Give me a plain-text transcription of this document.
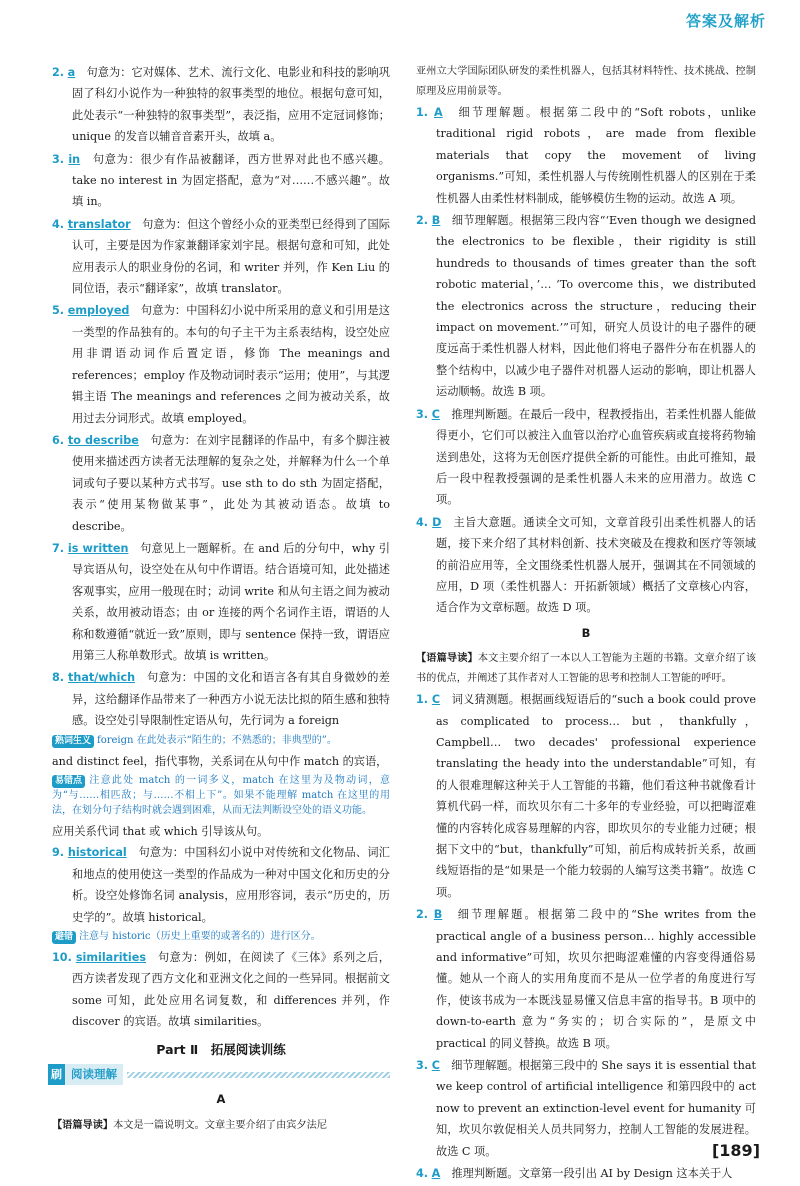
答案及解析
2. a　 句意为：它对媒体、艺术、流行文化、电影业和科技的影响巩固了科幻小说作为一种独特的叙事类型的地位。根据句意可知，此处表示“一种独特的叙事类型”，表泛指，应用不定冠词修饰；unique 的发音以辅音音素开头，故填 a。
3. in　 句意为：很少有作品被翻译，西方世界对此也不感兴趣。take no interest in 为固定搭配，意为“对……不感兴趣”。故填 in。
4. translator　 句意为：但这个曾经小众的亚类型已经得到了国际认可，主要是因为作家兼翻译家刘宇昆。根据句意和可知，此处应用表示人的职业身份的名词，和 writer 并列，作 Ken Liu 的同位语，表示“翻译家”，故填 translator。
5. employed　 句意为：中国科幻小说中所采用的意义和引用是这一类型的作品独有的。本句的句子主干为主系表结构，设空处应用非谓语动词作后置定语，修饰 The meanings and references；employ 作及物动词时表示“运用；使用”，与其逻辑主语 The meanings and references 之间为被动关系，故用过去分词形式。故填 employed。
6. to describe　 句意为：在刘宇昆翻译的作品中，有多个脚注被使用来描述西方读者无法理解的复杂之处，并解释为什么一个单词或句子要以某种方式书写。use sth to do sth 为固定搭配，表示“使用某物做某事”，此处为其被动语态。故填 to describe。
7. is written　 句意见上一题解析。在 and 后的分句中，why 引导宾语从句，设空处在从句中作谓语。结合语境可知，此处描述客观事实，应用一般现在时；动词 write 和从句主语之间为被动关系，故用被动语态；由 or 连接的两个名词作主语，谓语的人称和数遵循“就近一致”原则，即与 sentence 保持一致，谓语应用第三人称单数形式。故填 is written。
8. that/which　 句意为：中国的文化和语言各有其自身微妙的差异，这给翻译作品带来了一种西方小说无法比拟的陌生感和独特感。设空处引导限制性定语从句，先行词为 a foreign
熟词生义 foreign 在此处表示“陌生的；不熟悉的；非典型的”。
and distinct feel，指代事物，关系词在从句中作 match 的宾语，
易错点 注意此处 match 的一词多义，match 在这里为及物动词，意为“与……相匹敌；与……不相上下”。如果不能理解 match 在这里的用法，在划分句子结构时就会遇到困难，从而无法判断设空处的语义功能。
应用关系代词 that 或 which 引导该从句。
9. historical　 句意为：中国科幻小说中对传统和文化物品、词汇和地点的使用使这一类型的作品成为一种对中国文化和历史的分析。设空处修饰名词 analysis，应用形容词，表示“历史的，历史学的”。故填 historical。
避错 注意与 historic（历史上重要的或著名的）进行区分。
10. similarities　 句意为：例如，在阅读了《三体》系列之后，西方读者发现了西方文化和亚洲文化之间的一些异同。根据前文 some 可知，此处应用名词复数，和 differences 并列，作 discover 的宾语。故填 similarities。
Part Ⅱ　拓展阅读训练
刷 阅读理解
A
【语篇导读】本文是一篇说明文。文章主要介绍了由宾夕法尼
亚州立大学国际团队研发的柔性机器人，包括其材料特性、技术挑战、控制原理及应用前景等。
1. A　 细节理解题。根据第二段中的“Soft robots，unlike traditional rigid robots，are made from flexible materials that copy the movement of living organisms.”可知，柔性机器人与传统刚性机器人的区别在于柔性机器人由柔性材料制成，能够模仿生物的运动。故选 A 项。
2. B　 细节理解题。根据第三段内容“‘Even though we designed the electronics to be flexible，their rigidity is still hundreds to thousands of times greater than the soft robotic material，’… ‘To overcome this，we distributed the electronics across the structure，reducing their impact on movement.’”可知，研究人员设计的电子器件的硬度远高于柔性机器人材料，因此他们将电子器件分布在机器人的整个结构中，以减少电子器件对机器人运动的影响，即让机器人运动顺畅。故选 B 项。
3. C　 推理判断题。在最后一段中，程教授指出，若柔性机器人能做得更小，它们可以被注入血管以治疗心血管疾病或直接将药物输送到患处，这将为无创医疗提供全新的可能性。由此可推知，最后一段中程教授强调的是柔性机器人未来的应用潜力。故选 C 项。
4. D　 主旨大意题。通读全文可知，文章首段引出柔性机器人的话题，接下来介绍了其材料创新、技术突破及在搜救和医疗等领域的前沿应用等，全文围绕柔性机器人展开，强调其在不同领域的应用，D 项（柔性机器人：开拓新领域）概括了文章核心内容，适合作为文章标题。故选 D 项。
B
【语篇导读】本文主要介绍了一本以人工智能为主题的书籍。文章介绍了该书的优点，并阐述了其作者对人工智能的思考和控制人工智能的呼吁。
1. C　 词义猜测题。根据画线短语后的“such a book could prove as complicated to process… but，thankfully，Campbell… two decades' professional experience translating the heady into the understandable”可知，有的人很难理解这种关于人工智能的书籍，他们看这种书就像看计算机代码一样，而坎贝尔有二十多年的专业经验，可以把晦涩难懂的内容转化成容易理解的内容，即坎贝尔的专业能力过硬；根据下文中的“but，thankfully”可知，前后构成转折关系，故画线短语指的是“如果是一个能力较弱的人编写这类书籍”。故选 C 项。
2. B　 细节理解题。根据第二段中的“She writes from the practical angle of a business person… highly accessible and informative”可知，坎贝尔把晦涩难懂的内容变得通俗易懂。她从一个商人的实用角度而不是从一位学者的角度进行写作，使该书成为一本既浅显易懂又信息丰富的指导书。B 项中的 down-to-earth 意为“务实的；切合实际的”，是原文中 practical 的同义替换。故选 B 项。
3. C　 细节理解题。根据第三段中的 She says it is essential that we keep control of artificial intelligence 和第四段中的 act now to prevent an extinction-level event for humanity 可知，坎贝尔敦促相关人员共同努力，控制人工智能的发展进程。故选 C 项。
4. A　 推理判断题。文章第一段引出 AI by Design 这本关于人
[189]
